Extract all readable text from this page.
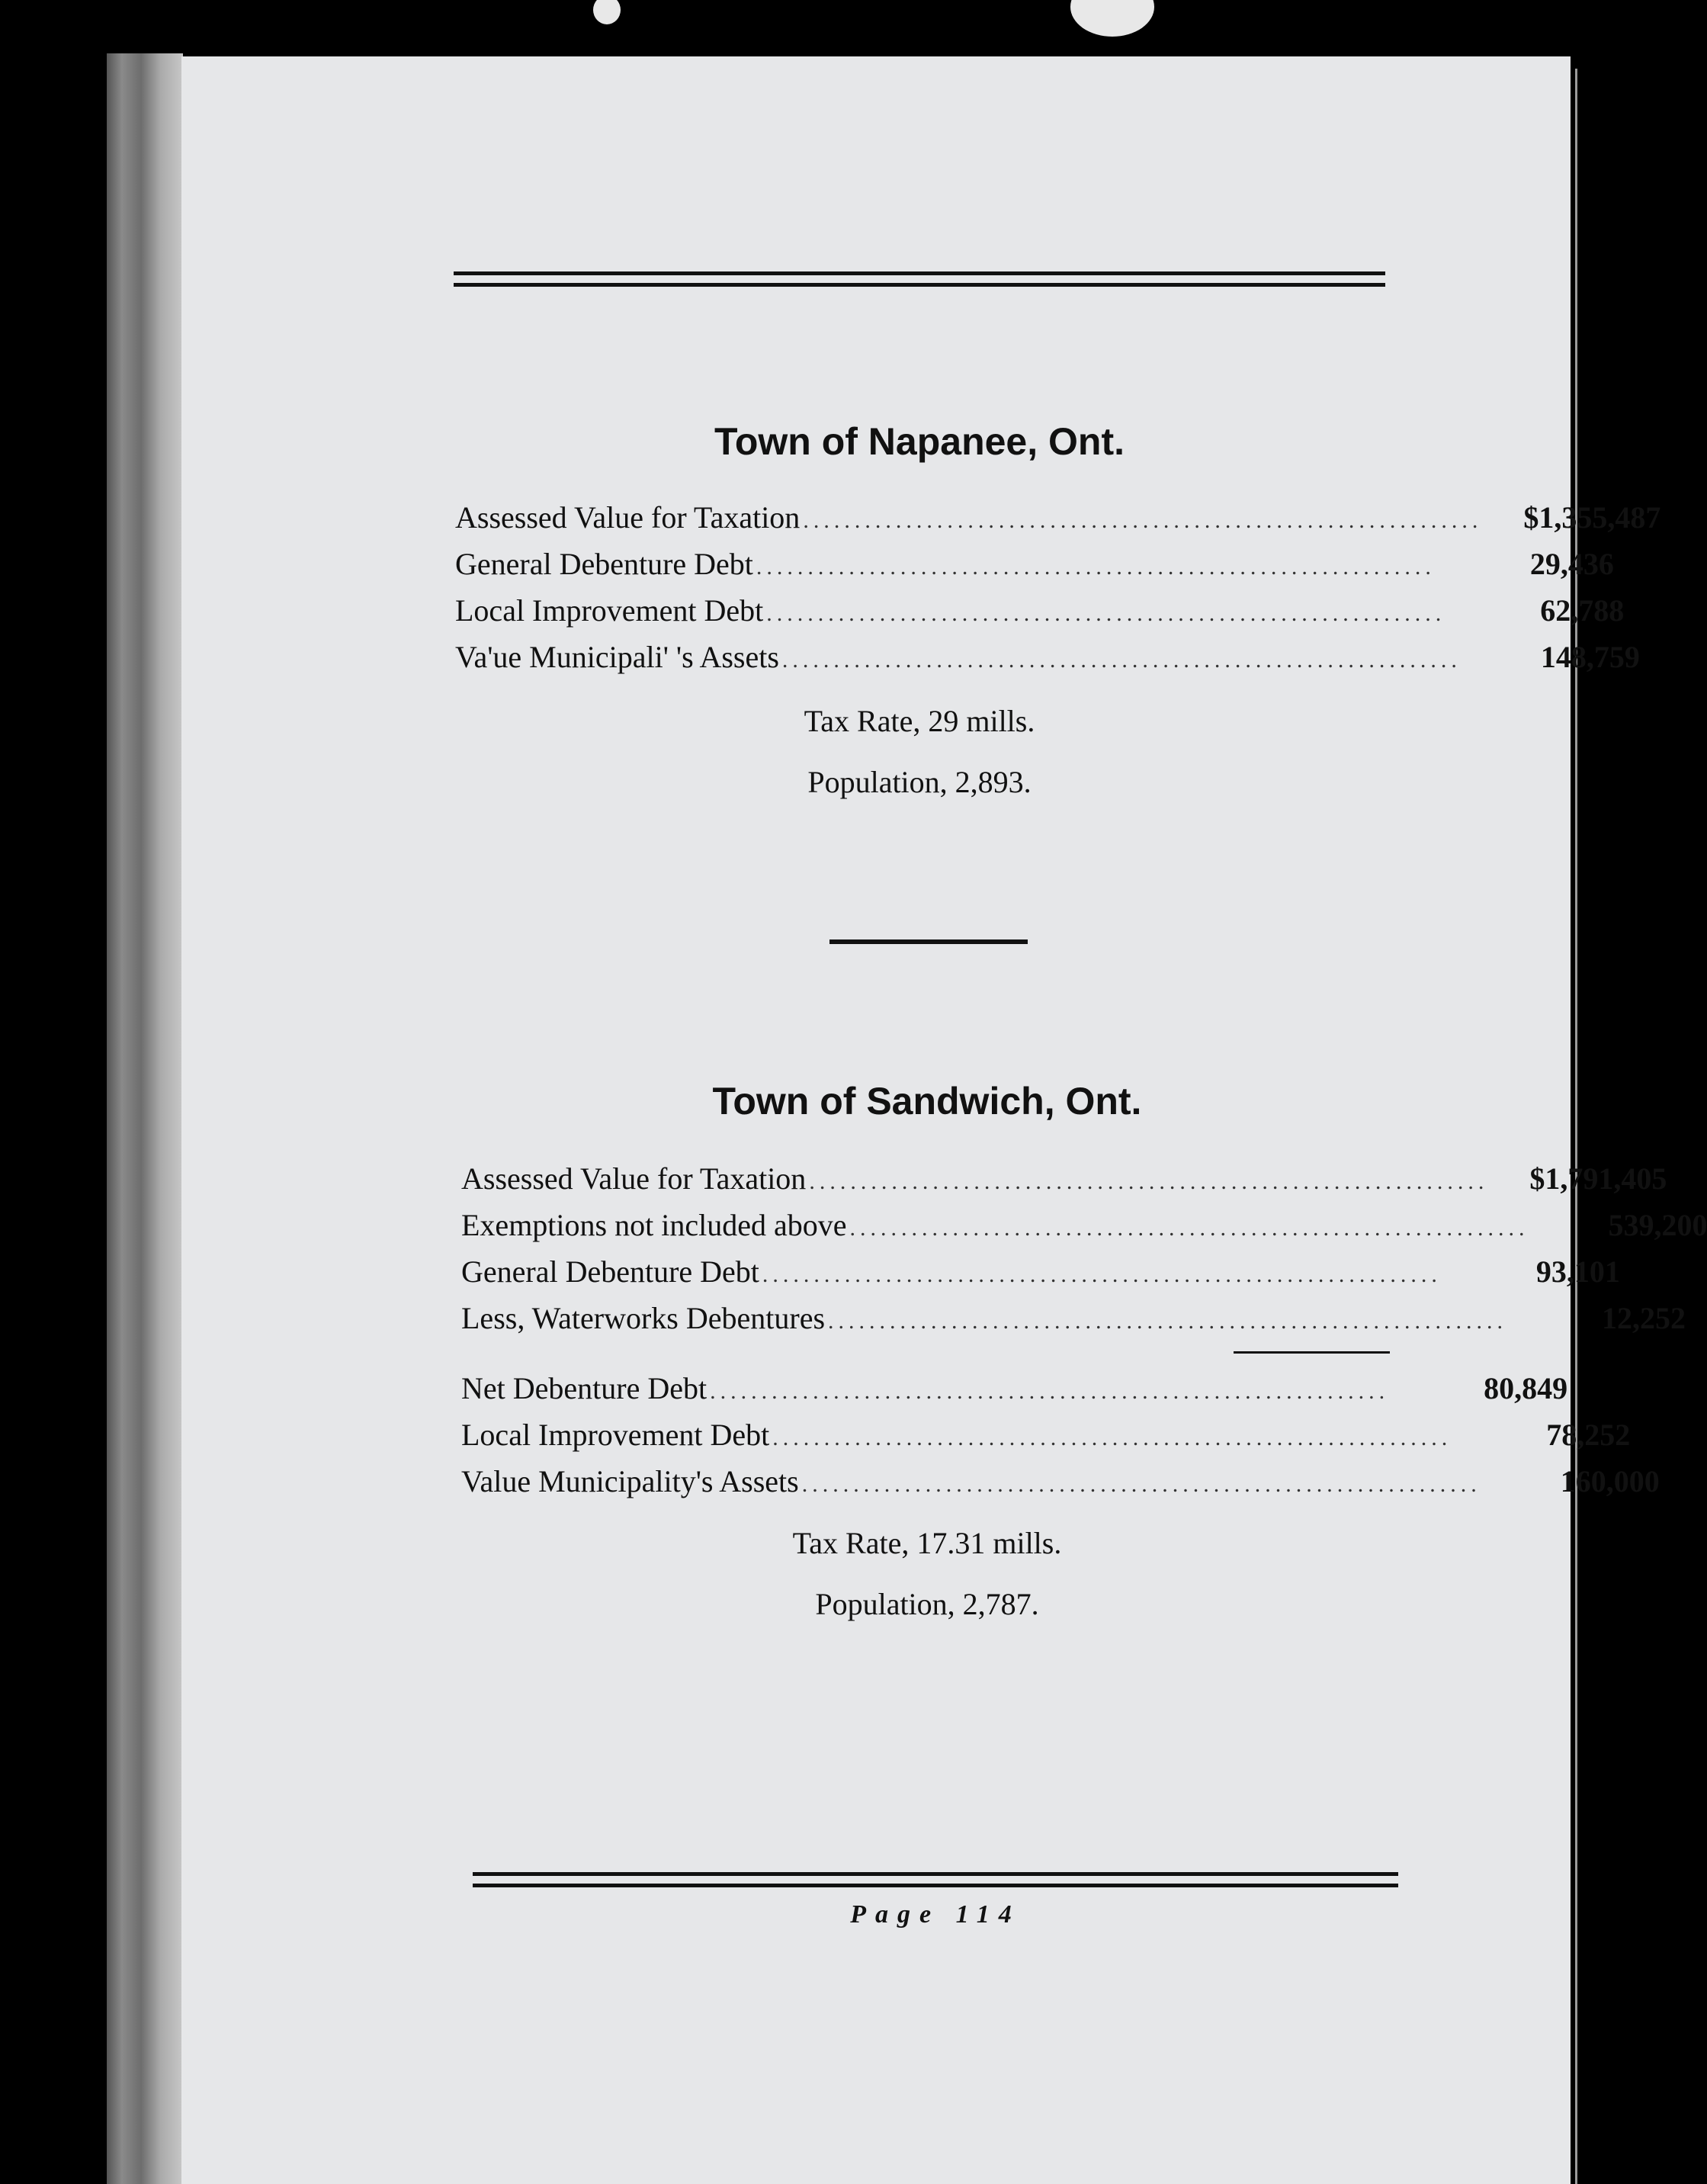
Town of Napanee, Ont.
Assessed Value for Taxation ..................................................................	$1,355,487
General Debenture Debt ..................................................................	29,436
Local Improvement Debt ..................................................................	62,788
Va'ue Municipali' 's Assets ..................................................................	148,759
Tax Rate, 29 mills.
Population, 2,893.
Town of Sandwich, Ont.
Assessed Value for Taxation ..................................................................	$1,791,405
Exemptions not included above ..................................................................	539,200
General Debenture Debt ..................................................................	93,101
Less, Waterworks Debentures ..................................................................	12,252
Net Debenture Debt ..................................................................	80,849
Local Improvement Debt ..................................................................	78,252
Value Municipality's Assets ..................................................................	160,000
Tax Rate, 17.31 mills.
Population, 2,787.
Page 114
